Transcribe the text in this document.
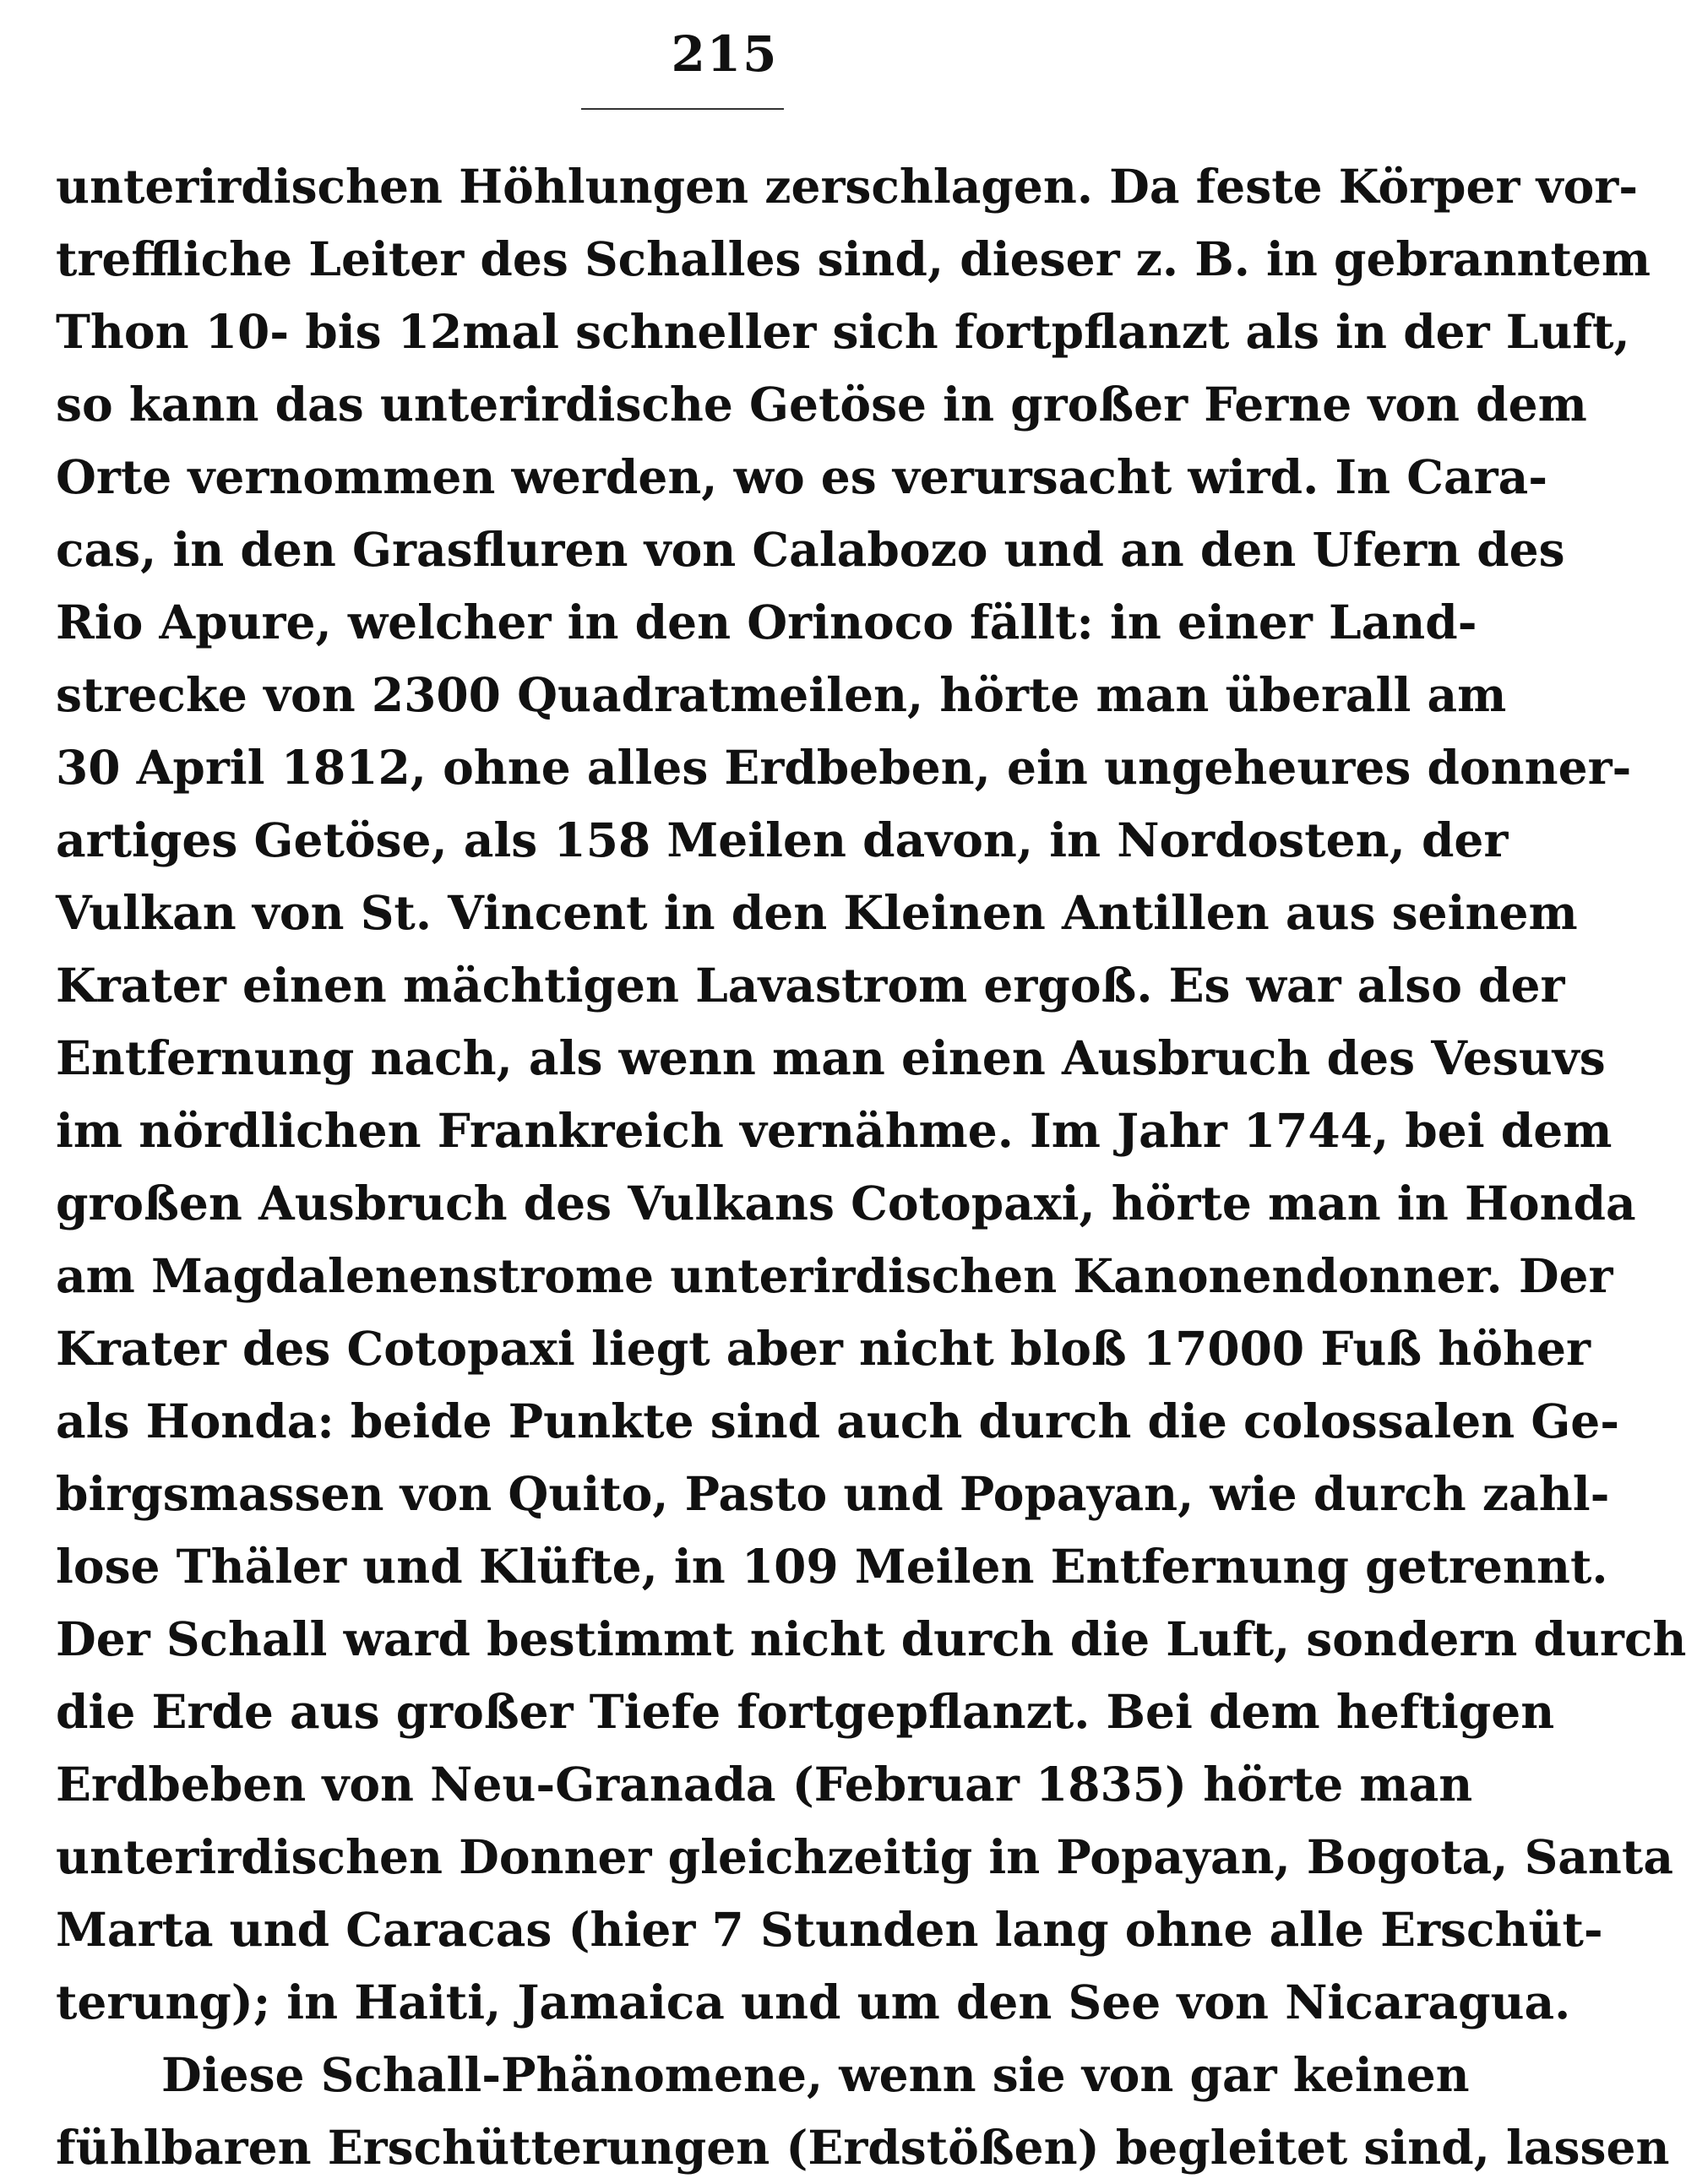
215
unterirdischen Höhlungen zerschlagen. Da feste Körper vor-
treffliche Leiter des Schalles sind, dieser z. B. in gebranntem
Thon 10- bis 12mal schneller sich fortpflanzt als in der Luft,
so kann das unterirdische Getöse in großer Ferne von dem
Orte vernommen werden, wo es verursacht wird. In Cara-
cas, in den Grasfluren von Calabozo und an den Ufern des
Rio Apure, welcher in den Orinoco fällt: in einer Land-
strecke von 2300 Quadratmeilen, hörte man überall am
30 April 1812, ohne alles Erdbeben, ein ungeheures donner-
artiges Getöse, als 158 Meilen davon, in Nordosten, der
Vulkan von St. Vincent in den Kleinen Antillen aus seinem
Krater einen mächtigen Lavastrom ergoß. Es war also der
Entfernung nach, als wenn man einen Ausbruch des Vesuvs
im nördlichen Frankreich vernähme. Im Jahr 1744, bei dem
großen Ausbruch des Vulkans Cotopaxi, hörte man in Honda
am Magdalenenstrome unterirdischen Kanonendonner. Der
Krater des Cotopaxi liegt aber nicht bloß 17000 Fuß höher
als Honda: beide Punkte sind auch durch die colossalen Ge-
birgsmassen von Quito, Pasto und Popayan, wie durch zahl-
lose Thäler und Klüfte, in 109 Meilen Entfernung getrennt.
Der Schall ward bestimmt nicht durch die Luft, sondern durch
die Erde aus großer Tiefe fortgepflanzt. Bei dem heftigen
Erdbeben von Neu-Granada (Februar 1835) hörte man
unterirdischen Donner gleichzeitig in Popayan, Bogota, Santa
Marta und Caracas (hier 7 Stunden lang ohne alle Erschüt-
terung); in Haiti, Jamaica und um den See von Nicaragua.
Diese Schall-Phänomene, wenn sie von gar keinen
fühlbaren Erschütterungen (Erdstößen) begleitet sind, lassen
